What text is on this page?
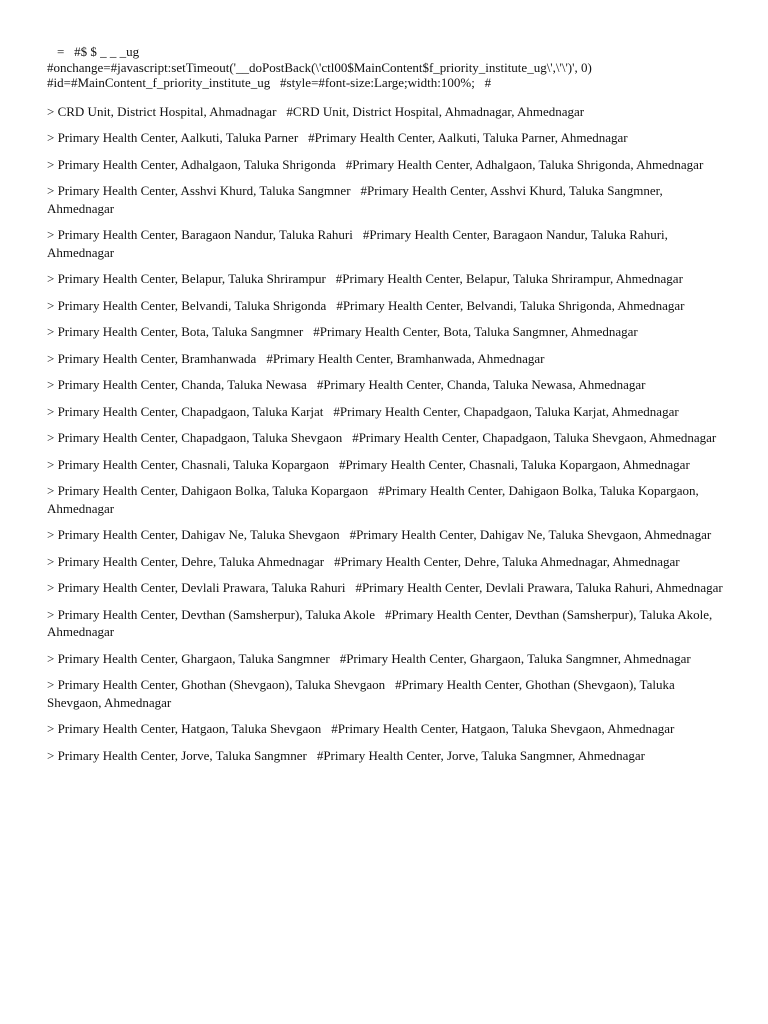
=   #$ $ _ _ _ug
#onchange=#javascript:setTimeout('__doPostBack(\'ctl00$MainContent$f_priority_institute_ug\',\'\')', 0)
#id=#MainContent_f_priority_institute_ug   #style=#font-size:Large;width:100%;   #
> CRD Unit, District Hospital, Ahmadnagar #CRD Unit, District Hospital, Ahmadnagar, Ahmednagar
> Primary Health Center, Aalkuti, Taluka Parner #Primary Health Center, Aalkuti, Taluka Parner, Ahmednagar
> Primary Health Center, Adhalgaon, Taluka Shrigonda #Primary Health Center, Adhalgaon, Taluka Shrigonda, Ahmednagar
> Primary Health Center, Asshvi Khurd, Taluka Sangmner #Primary Health Center, Asshvi Khurd, Taluka Sangmner, Ahmednagar
> Primary Health Center, Baragaon Nandur, Taluka Rahuri #Primary Health Center, Baragaon Nandur, Taluka Rahuri, Ahmednagar
> Primary Health Center, Belapur, Taluka Shrirampur #Primary Health Center, Belapur, Taluka Shrirampur, Ahmednagar
> Primary Health Center, Belvandi, Taluka Shrigonda #Primary Health Center, Belvandi, Taluka Shrigonda, Ahmednagar
> Primary Health Center, Bota, Taluka Sangmner #Primary Health Center, Bota, Taluka Sangmner, Ahmednagar
> Primary Health Center, Bramhanwada #Primary Health Center, Bramhanwada, Ahmednagar
> Primary Health Center, Chanda, Taluka Newasa #Primary Health Center, Chanda, Taluka Newasa, Ahmednagar
> Primary Health Center, Chapadgaon, Taluka Karjat #Primary Health Center, Chapadgaon, Taluka Karjat, Ahmednagar
> Primary Health Center, Chapadgaon, Taluka Shevgaon #Primary Health Center, Chapadgaon, Taluka Shevgaon, Ahmednagar
> Primary Health Center, Chasnali, Taluka Kopargaon #Primary Health Center, Chasnali, Taluka Kopargaon, Ahmednagar
> Primary Health Center, Dahigaon Bolka, Taluka Kopargaon #Primary Health Center, Dahigaon Bolka, Taluka Kopargaon, Ahmednagar
> Primary Health Center, Dahigav Ne, Taluka Shevgaon #Primary Health Center, Dahigav Ne, Taluka Shevgaon, Ahmednagar
> Primary Health Center, Dehre, Taluka Ahmednagar #Primary Health Center, Dehre, Taluka Ahmednagar, Ahmednagar
> Primary Health Center, Devlali Prawara, Taluka Rahuri #Primary Health Center, Devlali Prawara, Taluka Rahuri, Ahmednagar
> Primary Health Center, Devthan (Samsherpur), Taluka Akole #Primary Health Center, Devthan (Samsherpur), Taluka Akole, Ahmednagar
> Primary Health Center, Ghargaon, Taluka Sangmner #Primary Health Center, Ghargaon, Taluka Sangmner, Ahmednagar
> Primary Health Center, Ghothan (Shevgaon), Taluka Shevgaon #Primary Health Center, Ghothan (Shevgaon), Taluka Shevgaon, Ahmednagar
> Primary Health Center, Hatgaon, Taluka Shevgaon #Primary Health Center, Hatgaon, Taluka Shevgaon, Ahmednagar
> Primary Health Center, Jorve, Taluka Sangmner #Primary Health Center, Jorve, Taluka Sangmner, Ahmednagar
